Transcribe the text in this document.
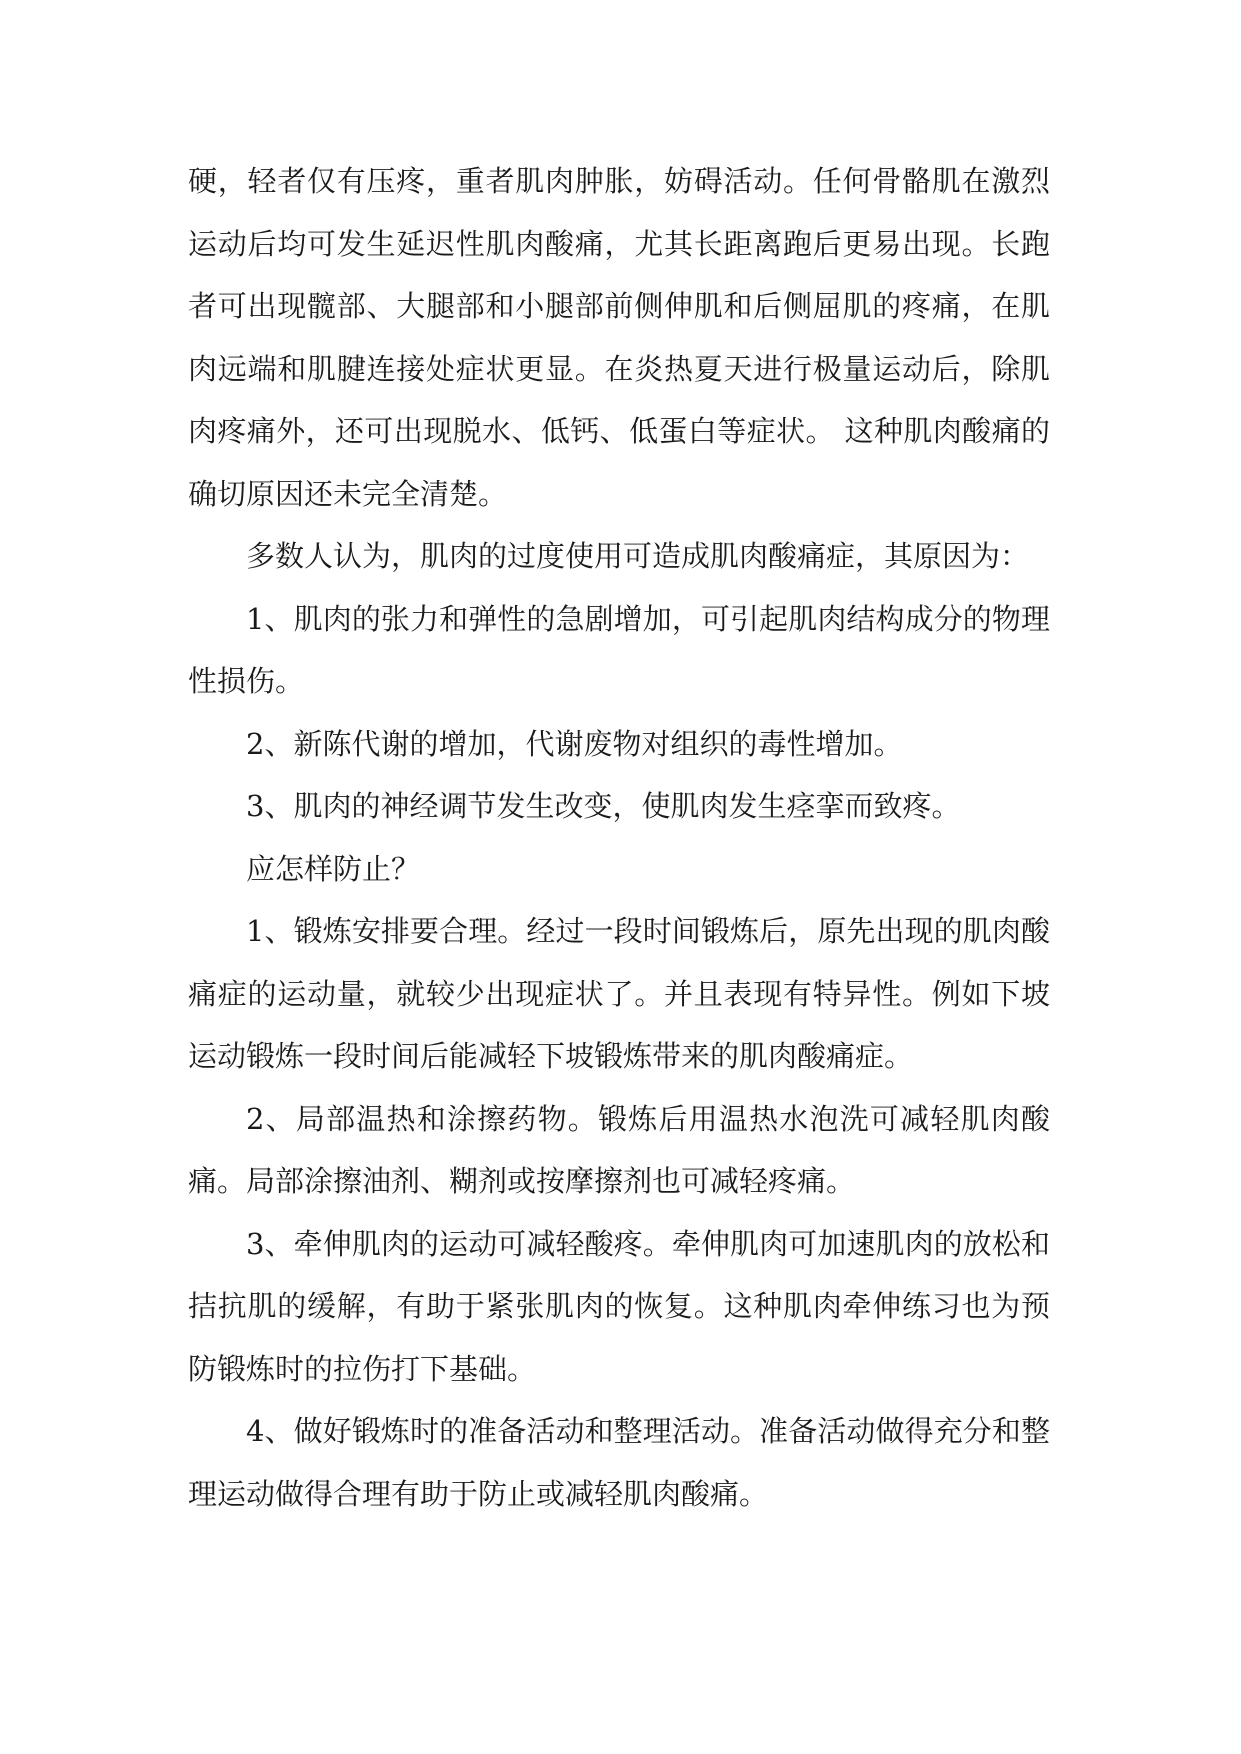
硬，轻者仅有压疼，重者肌肉肿胀，妨碍活动。任何骨骼肌在激烈运动后均可发生延迟性肌肉酸痛，尤其长距离跑后更易出现。长跑者可出现髋部、大腿部和小腿部前侧伸肌和后侧屈肌的疼痛，在肌肉远端和肌腱连接处症状更显。在炎热夏天进行极量运动后，除肌肉疼痛外，还可出现脱水、低钙、低蛋白等症状。 这种肌肉酸痛的确切原因还未完全清楚。

多数人认为，肌肉的过度使用可造成肌肉酸痛症，其原因为：

1、肌肉的张力和弹性的急剧增加，可引起肌肉结构成分的物理性损伤。

2、新陈代谢的增加，代谢废物对组织的毒性增加。

3、肌肉的神经调节发生改变，使肌肉发生痉挛而致疼。

应怎样防止？

1、锻炼安排要合理。经过一段时间锻炼后，原先出现的肌肉酸痛症的运动量，就较少出现症状了。并且表现有特异性。例如下坡运动锻炼一段时间后能减轻下坡锻炼带来的肌肉酸痛症。

2、局部温热和涂擦药物。锻炼后用温热水泡洗可减轻肌肉酸痛。局部涂擦油剂、糊剂或按摩擦剂也可减轻疼痛。

3、牵伸肌肉的运动可减轻酸疼。牵伸肌肉可加速肌肉的放松和拮抗肌的缓解，有助于紧张肌肉的恢复。这种肌肉牵伸练习也为预防锻炼时的拉伤打下基础。

4、做好锻炼时的准备活动和整理活动。准备活动做得充分和整理运动做得合理有助于防止或减轻肌肉酸痛。
